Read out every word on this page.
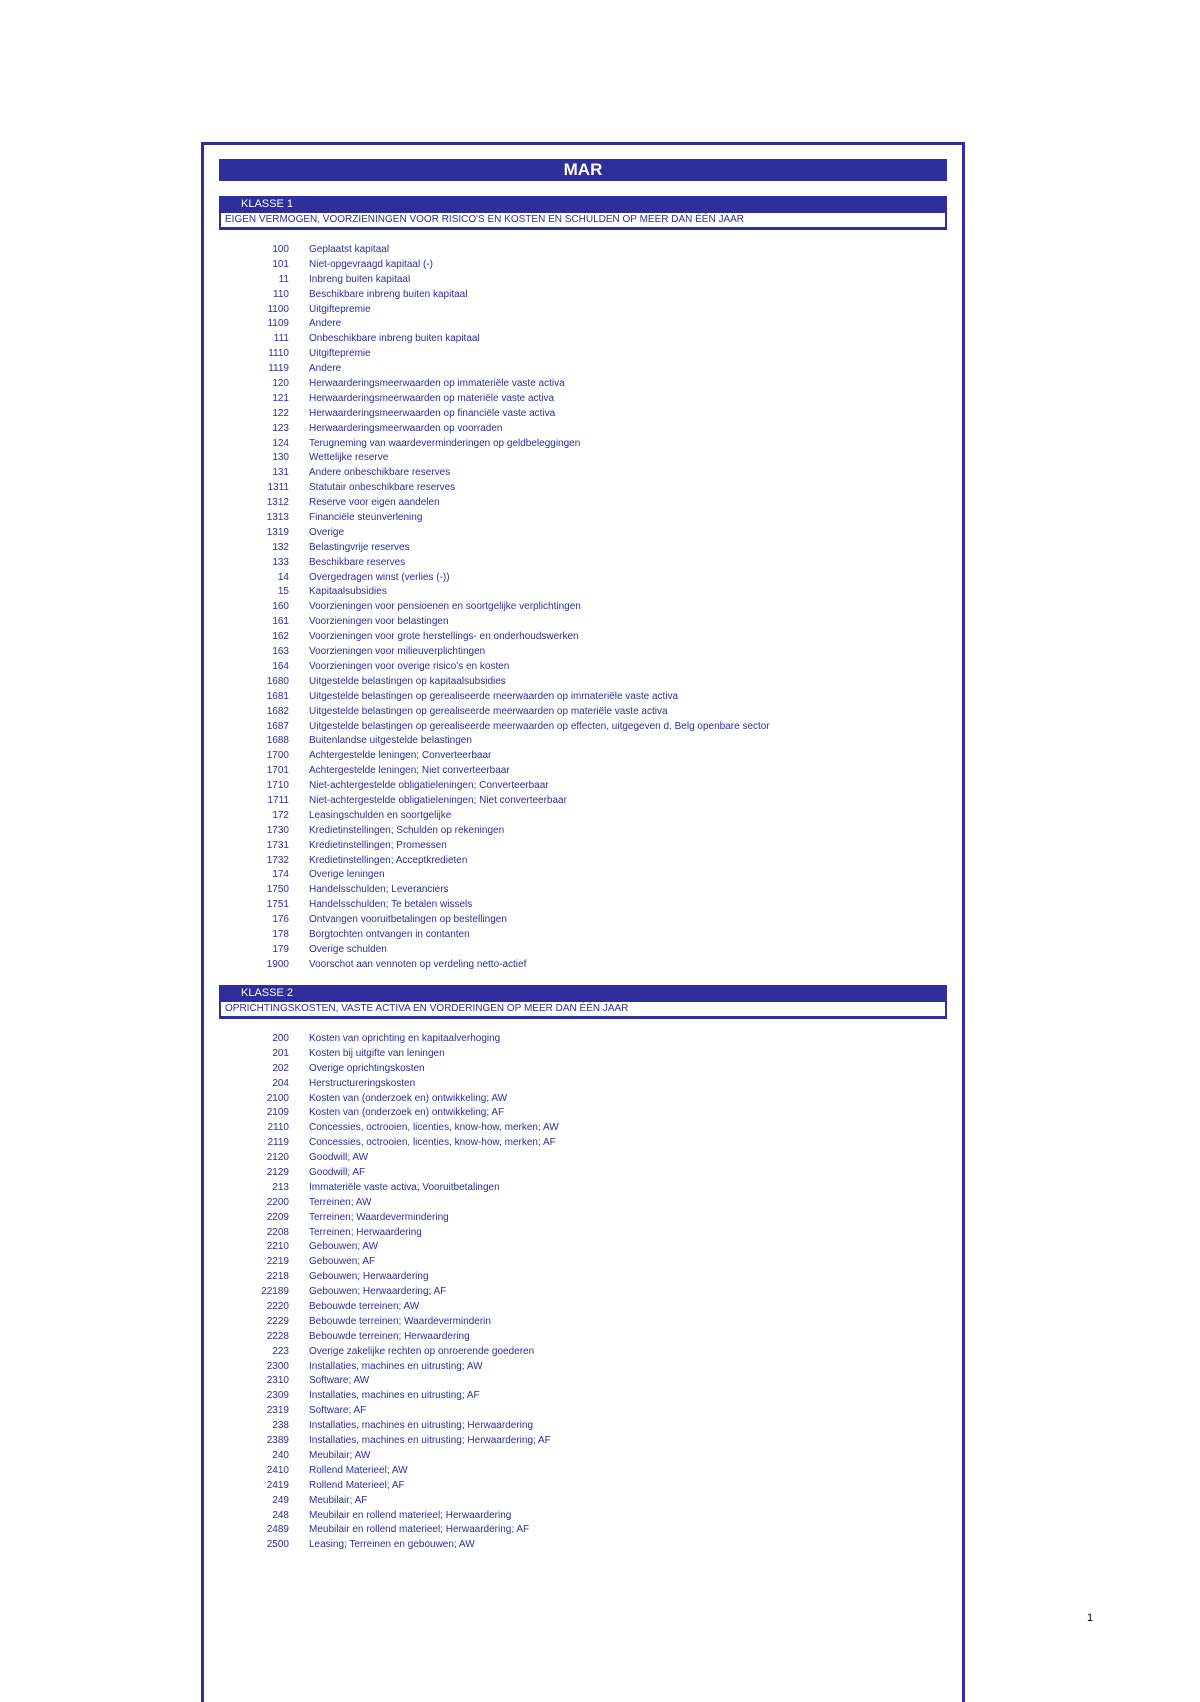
MAR
KLASSE 1
EIGEN VERMOGEN, VOORZIENINGEN VOOR RISICO'S EN KOSTEN EN SCHULDEN OP MEER DAN ÉÉN JAAR
100 Geplaatst kapitaal
101 Niet-opgevraagd kapitaal (-)
11 Inbreng buiten kapitaal
110 Beschikbare inbreng buiten kapitaal
1100 Uitgiftepremie
1109 Andere
111 Onbeschikbare inbreng buiten kapitaal
1110 Uitgiftepremie
1119 Andere
120 Herwaarderingsmeerwaarden op immateriële vaste activa
121 Herwaarderingsmeerwaarden op materiële vaste activa
122 Herwaarderingsmeerwaarden op financiële vaste activa
123 Herwaarderingsmeerwaarden op voorraden
124 Terugneming van waardeverminderingen op geldbeleggingen
130 Wettelijke reserve
131 Andere onbeschikbare reserves
1311 Statutair onbeschikbare reserves
1312 Reserve voor eigen aandelen
1313 Financiële steunverlening
1319 Overige
132 Belastingvrije reserves
133 Beschikbare reserves
14 Overgedragen winst (verlies (-))
15 Kapitaalsubsidies
160 Voorzieningen voor pensioenen en soortgelijke verplichtingen
161 Voorzieningen voor belastingen
162 Voorzieningen voor grote herstellings- en onderhoudswerken
163 Voorzieningen voor milieuverplichtingen
164 Voorzieningen voor overige risico's en kosten
1680 Uitgestelde belastingen op kapitaalsubsidies
1681 Uitgestelde belastingen op gerealiseerde meerwaarden op immateriële vaste activa
1682 Uitgestelde belastingen op gerealiseerde meerwaarden op materiële vaste activa
1687 Uitgestelde belastingen op gerealiseerde meerwaarden op effecten, uitgegeven d. Belg openbare sector
1688 Buitenlandse uitgestelde belastingen
1700 Achtergestelde leningen; Converteerbaar
1701 Achtergestelde leningen; Niet converteerbaar
1710 Niet-achtergestelde obligatieleningen; Converteerbaar
1711 Niet-achtergestelde obligatieleningen; Niet converteerbaar
172 Leasingschulden en soortgelijke
1730 Kredietinstellingen; Schulden op rekeningen
1731 Kredietinstellingen; Promessen
1732 Kredietinstellingen; Acceptkredieten
174 Overige leningen
1750 Handelsschulden; Leveranciers
1751 Handelsschulden; Te betalen wissels
176 Ontvangen vooruitbetalingen op bestellingen
178 Borgtochten ontvangen in contanten
179 Overige schulden
1900 Voorschot aan vennoten op verdeling netto-actief
KLASSE 2
OPRICHTINGSKOSTEN, VASTE ACTIVA EN VORDERINGEN OP MEER DAN ÉÉN JAAR
200 Kosten van oprichting en kapitaalverhoging
201 Kosten bij uitgifte van leningen
202 Overige oprichtingskosten
204 Herstructureringskosten
2100 Kosten van (onderzoek en) ontwikkeling; AW
2109 Kosten van (onderzoek en) ontwikkeling; AF
2110 Concessies, octrooien, licenties, know-how, merken; AW
2119 Concessies, octrooien, licenties, know-how, merken; AF
2120 Goodwill; AW
2129 Goodwill; AF
213 Immateriële vaste activa; Vooruitbetalingen
2200 Terreinen; AW
2209 Terreinen; Waardevermindering
2208 Terreinen; Herwaardering
2210 Gebouwen; AW
2219 Gebouwen; AF
2218 Gebouwen; Herwaardering
22189 Gebouwen; Herwaardering; AF
2220 Bebouwde terreinen; AW
2229 Bebouwde terreinen; Waardeverminderin
2228 Bebouwde terreinen; Herwaardering
223 Overige zakelijke rechten op onroerende goederen
2300 Installaties, machines en uitrusting; AW
2310 Software; AW
2309 Installaties, machines en uitrusting; AF
2319 Software; AF
238 Installaties, machines en uitrusting; Herwaardering
2389 Installaties, machines en uitrusting; Herwaardering; AF
240 Meubilair; AW
2410 Rollend Materieel; AW
2419 Rollend Materieel; AF
249 Meubilair; AF
248 Meubilair en rollend materieel; Herwaardering
2489 Meubilair en rollend materieel; Herwaardering; AF
2500 Leasing; Terreinen en gebouwen; AW
1
